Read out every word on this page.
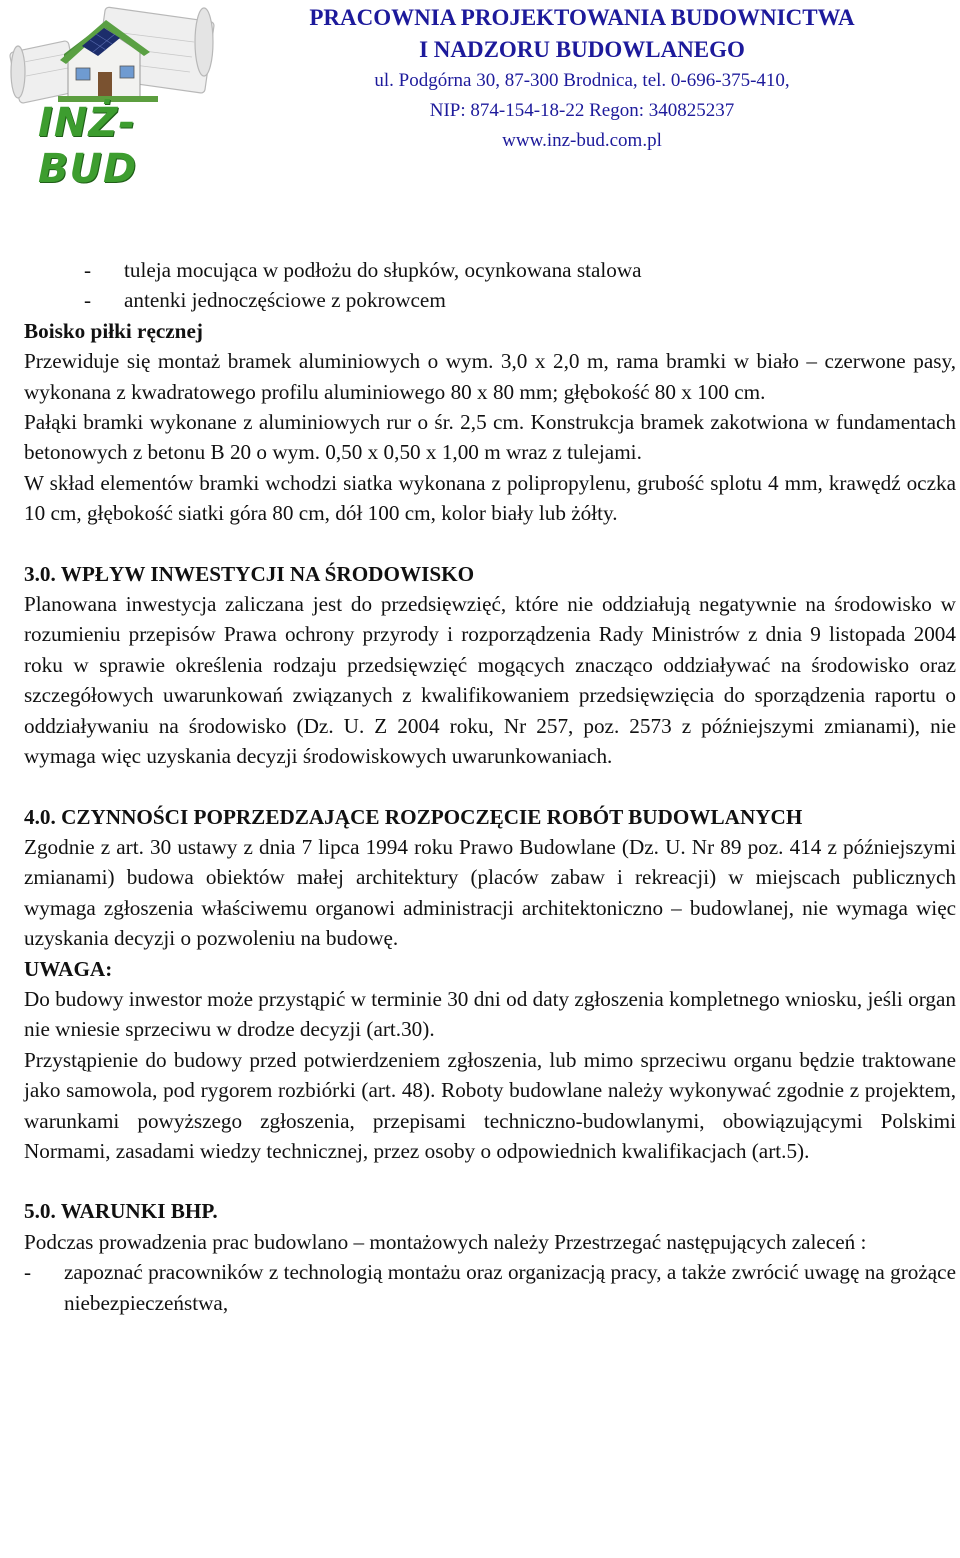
INŻ-BUD
PRACOWNIA PROJEKTOWANIA BUDOWNICTWA
I NADZORU BUDOWLANEGO
ul. Podgórna 30, 87-300 Brodnica, tel. 0-696-375-410,
NIP: 874-154-18-22 Regon: 340825237
www.inz-bud.com.pl
-	tuleja mocująca w podłożu do słupków, ocynkowana stalowa
-	antenki jednoczęściowe z pokrowcem

Boisko piłki ręcznej

Przewiduje się montaż bramek aluminiowych o wym. 3,0 x 2,0 m, rama bramki w biało – czerwone pasy, wykonana z kwadratowego profilu aluminiowego 80 x 80 mm; głębokość 80 x 100 cm.

Pałąki bramki wykonane z aluminiowych rur o śr. 2,5 cm. Konstrukcja bramek zakotwiona w fundamentach betonowych z betonu B 20 o wym. 0,50 x 0,50 x 1,00 m wraz z tulejami.

W skład elementów bramki wchodzi siatka wykonana z polipropylenu, grubość splotu 4 mm, krawędź oczka 10 cm, głębokość siatki góra 80 cm, dół 100 cm, kolor biały lub żółty.

3.0. WPŁYW INWESTYCJI NA ŚRODOWISKO

Planowana inwestycja zaliczana jest do przedsięwzięć, które nie oddziałują negatywnie na środowisko w rozumieniu przepisów Prawa ochrony przyrody i rozporządzenia Rady Ministrów z dnia 9 listopada 2004 roku w sprawie określenia rodzaju przedsięwzięć mogących znacząco oddziaływać na środowisko oraz szczegółowych uwarunkowań związanych z kwalifikowaniem przedsięwzięcia do sporządzenia raportu o oddziaływaniu na środowisko (Dz. U. Z 2004 roku, Nr 257, poz. 2573 z późniejszymi zmianami), nie wymaga więc uzyskania decyzji środowiskowych uwarunkowaniach.

4.0. CZYNNOŚCI POPRZEDZAJĄCE ROZPOCZĘCIE ROBÓT BUDOWLANYCH

Zgodnie z art. 30 ustawy z dnia 7 lipca 1994 roku Prawo Budowlane (Dz. U. Nr 89 poz. 414 z późniejszymi zmianami) budowa obiektów małej architektury (placów zabaw i rekreacji) w miejscach publicznych wymaga zgłoszenia właściwemu organowi administracji architektoniczno – budowlanej, nie wymaga więc uzyskania decyzji o pozwoleniu na budowę.

UWAGA:

Do budowy inwestor może przystąpić w terminie 30 dni od daty zgłoszenia kompletnego wniosku, jeśli organ nie wniesie sprzeciwu w drodze decyzji (art.30).

Przystąpienie do budowy przed potwierdzeniem zgłoszenia, lub mimo sprzeciwu organu będzie traktowane jako samowola, pod rygorem rozbiórki (art. 48). Roboty budowlane należy wykonywać zgodnie z projektem, warunkami powyższego zgłoszenia, przepisami techniczno-budowlanymi, obowiązującymi Polskimi Normami, zasadami wiedzy technicznej, przez osoby o odpowiednich kwalifikacjach (art.5).

5.0. WARUNKI BHP.

Podczas prowadzenia prac budowlano – montażowych należy Przestrzegać następujących zaleceń :

-	zapoznać pracowników z technologią montażu oraz organizacją pracy, a także zwrócić uwagę na grożące niebezpieczeństwa,
